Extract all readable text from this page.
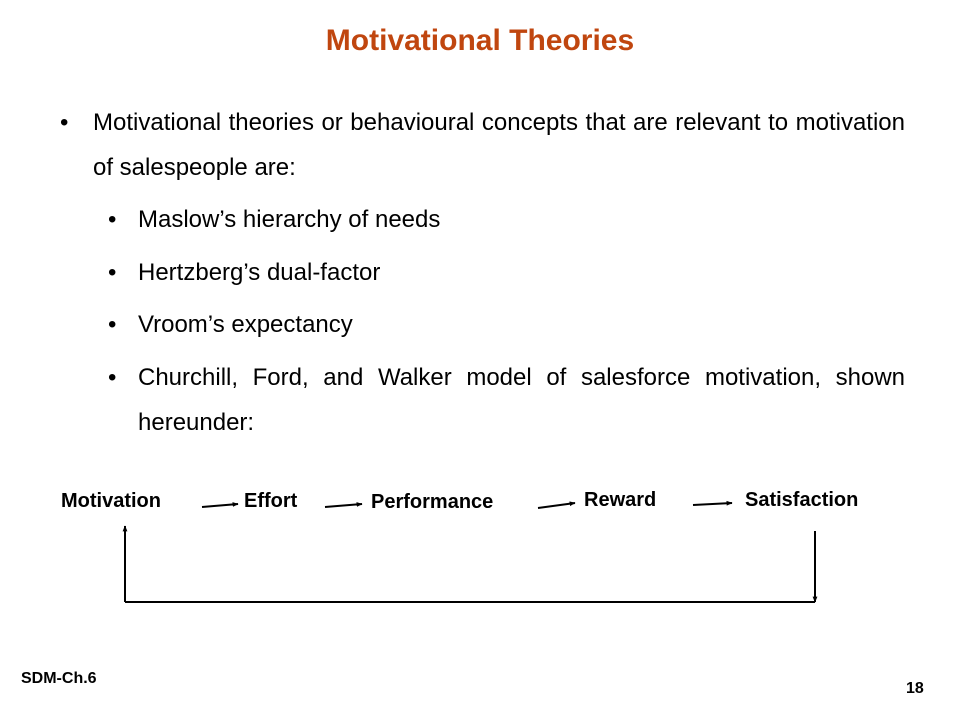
Motivational Theories
• Motivational theories or behavioural concepts that are relevant to motivation of salespeople are:
• Maslow’s hierarchy of needs
• Hertzberg’s dual-factor
• Vroom’s expectancy
• Churchill, Ford, and Walker model of salesforce motivation, shown hereunder:
Motivation	Effort	Performance	Reward	Satisfaction
SDM-Ch.6
18
